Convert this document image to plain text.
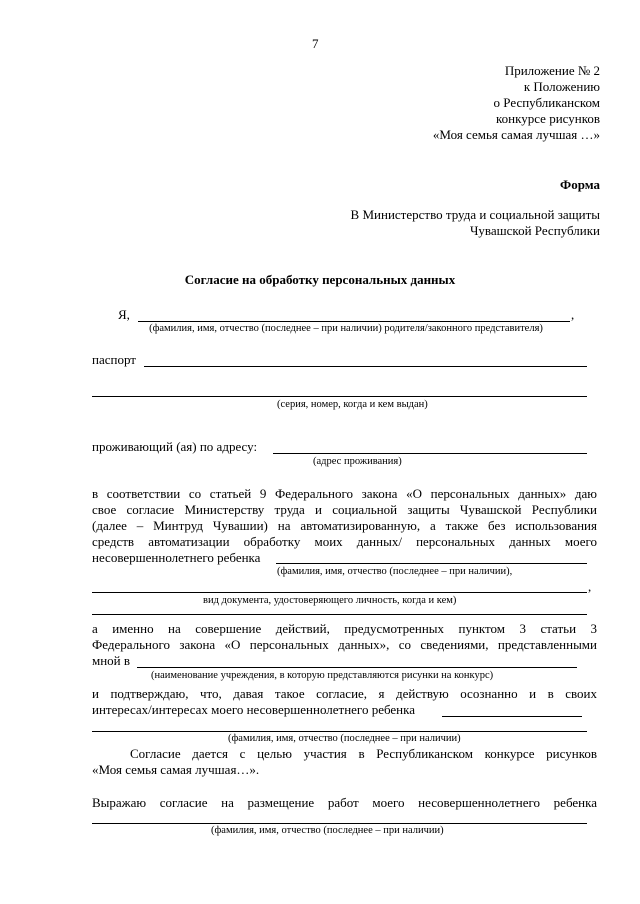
7
Приложение № 2
к Положению
о Республиканском
конкурсе рисунков
«Моя семья самая лучшая …»
Форма
В Министерство труда и социальной защиты
Чувашской Республики
Согласие на обработку персональных данных
Я,	,
(фамилия, имя, отчество (последнее – при наличии) родителя/законного представителя)
паспорт
(серия, номер, когда и кем выдан)
проживающий (ая) по адресу:
(адрес проживания)
в соответствии со статьей 9 Федерального закона «О персональных данных» даю
свое согласие Министерству труда и социальной защиты Чувашской Республики
(далее – Минтруд Чувашии) на автоматизированную, а также без использования
средств автоматизации обработку моих данных/ персональных данных моего
несовершеннолетнего ребенка
(фамилия, имя, отчество (последнее – при наличии),
,
вид документа, удостоверяющего личность, когда и кем)
а именно на совершение действий, предусмотренных пунктом 3 статьи 3
Федерального закона «О персональных данных», со сведениями, представленными
мной в
(наименование учреждения, в которую представляются рисунки на конкурс)
и подтверждаю, что, давая такое согласие, я действую осознанно и в своих
интересах/интересах моего несовершеннолетнего ребенка
(фамилия, имя, отчество (последнее – при наличии)
Согласие дается с целью участия в Республиканском конкурсе рисунков
«Моя семья самая лучшая…».
Выражаю согласие на размещение работ моего несовершеннолетнего ребенка
(фамилия, имя, отчество (последнее – при наличии)
